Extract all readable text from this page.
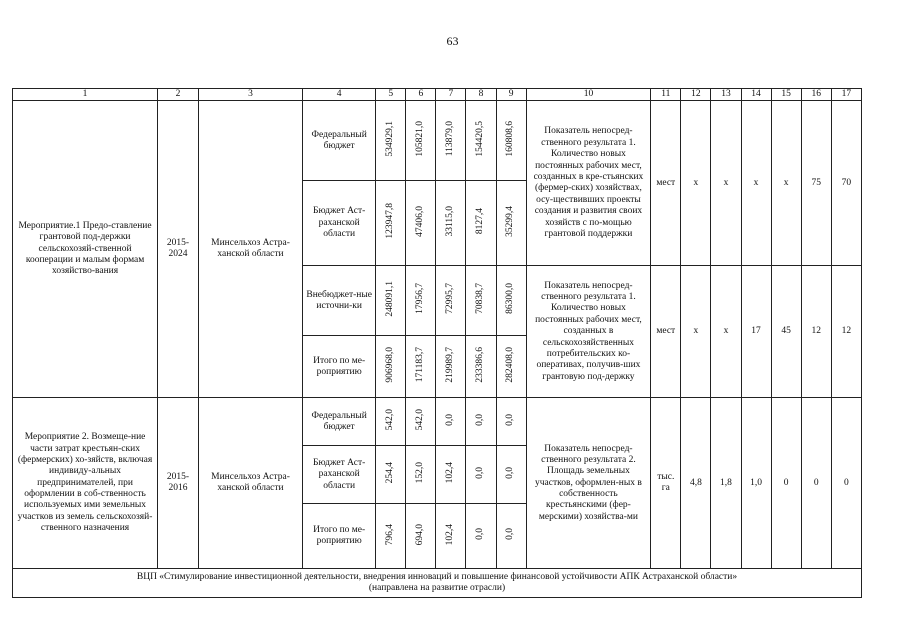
63
1	2	3	4	5	6	7	8	9	10	11	12	13	14	15	16	17
Мероприятие.1 Предо-ставление грантовой под-держки сельскохозяй-ственной кооперации и малым формам хозяйство-вания	2015-2024	Минсельхоз Астра-ханской области	Федеральный бюджет	534929,1	105821,0	113879,0	154420,5	160808,6	Показатель непосред-ственного результата 1. Количество новых постоянных рабочих мест, созданных в кре-стьянских (фермер-ских) хозяйствах, осу-ществивших проекты создания и развития своих хозяйств с по-мощью грантовой поддержки	мест	х	х	х	х	75	70
			Бюджет Аст-раханской области	123947,8	47406,0	33115,0	8127,4	35299,4								
			Внебюджет-ные источни-ки	248091,1	17956,7	72995,7	70838,7	86300,0	Показатель непосред-ственного результата 1. Количество новых постоянных рабочих мест, созданных в сельскохозяйственных потребительских ко-оперативах, получив-ших грантовую под-держку	мест	х	х	17	45	12	12
			Итого по ме-роприятию	906968,0	171183,7	219989,7	233386,6	282408,0								
Мероприятие 2. Возмеще-ние части затрат крестьян-ских (фермерских) хо-зяйств, включая индивиду-альных предпринимателей, при оформлении в соб-ственность используемых ими земельных участков из земель сельскохозяй-ственного назначения	2015-2016	Минсельхоз Астра-ханской области	Федеральный бюджет	542,0	542,0	0,0	0,0	0,0	Показатель непосред-ственного результата 2. Площадь земельных участков, оформлен-ных в собственность крестьянскими (фер-мерскими) хозяйства-ми	тыс. га	4,8	1,8	1,0	0	0	0
			Бюджет Аст-раханской области	254,4	152,0	102,4	0,0	0,0								
			Итого по ме-роприятию	796,4	694,0	102,4	0,0	0,0								

ВЦП «Стимулирование инвестиционной деятельности, внедрения инноваций и повышение финансовой устойчивости АПК Астраханской области»
(направлена на развитие отрасли)																
